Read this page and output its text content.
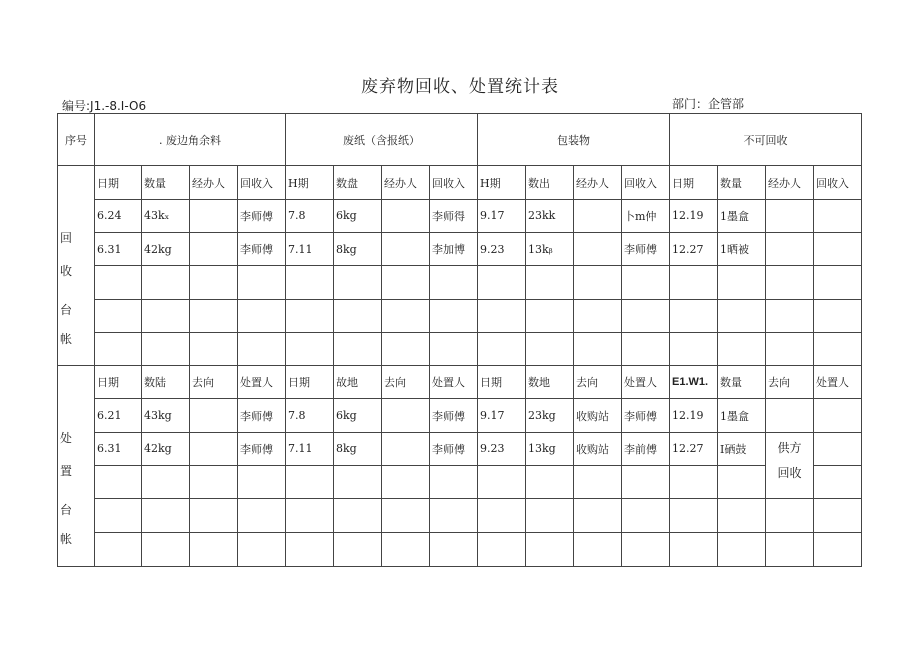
废弃物回收、处置统计表
编号:J1.-8.I-O6	部门：企管部
序号	. 废边角余料				废纸（含报纸）				包装物				不可回收			

回
收
台
帐	日期	数量	经办人	回收入	H期	数盘	经办人	回收入	H期	数出	经办人	回收入	日期	数量	经办人	回收入
	6.24	43kₓ		李师傅	7.8	6kg		李师得	9.17	23kk		卜m仲	12.19	1墨盒		
	6.31	42kg		李师傅	7.11	8kg		李加博	9.23	13kᵦ		李师傅	12.27	1晒被		

处
置
台
帐	日期	数陆	去向	处置人	日期	故地	去向	处置人	日期	数地	去向	处置人	E1.W1.	数量	去向	处置人
	6.21	43kg		李师傅	7.8	6kg		李师傅	9.17	23kg	收购站	李师傅	12.19	1墨盒		
	6.31	42kg		李师傅	7.11	8kg		李师傅	9.23	13kg	收购站	李前傅	12.27	I硒鼓	供方
回收	
